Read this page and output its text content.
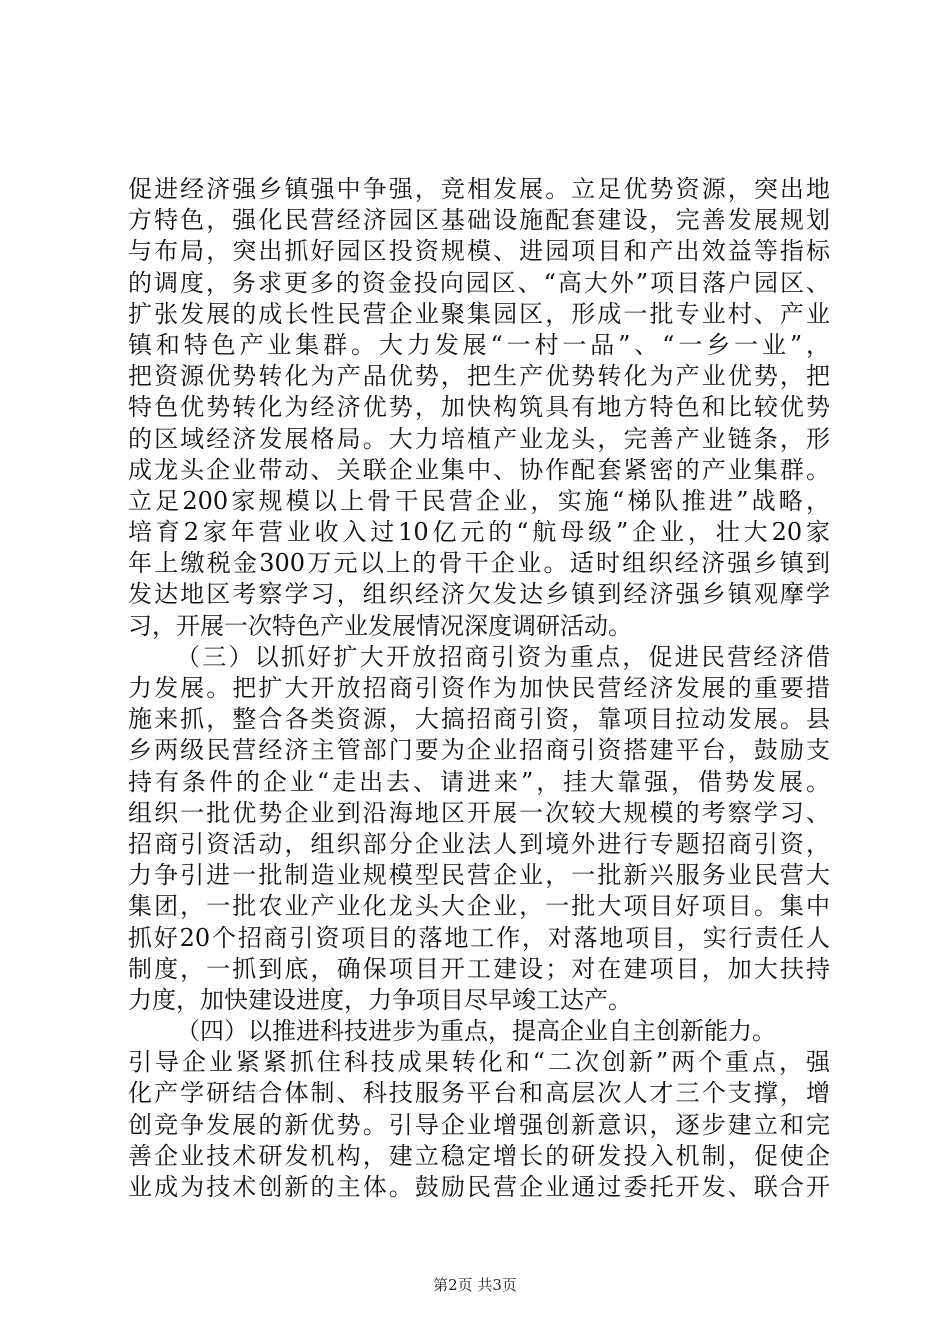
促进经济强乡镇强中争强，竞相发展。立足优势资源，突出地
方特色，强化民营经济园区基础设施配套建设，完善发展规划
与布局，突出抓好园区投资规模、进园项目和产出效益等指标
的调度，务求更多的资金投向园区、“高大外”项目落户园区、
扩张发展的成长性民营企业聚集园区，形成一批专业村、产业
镇和特色产业集群。大力发展“一村一品”、“一乡一业”，
把资源优势转化为产品优势，把生产优势转化为产业优势，把
特色优势转化为经济优势，加快构筑具有地方特色和比较优势
的区域经济发展格局。大力培植产业龙头，完善产业链条，形
成龙头企业带动、关联企业集中、协作配套紧密的产业集群。
立足200家规模以上骨干民营企业，实施“梯队推进”战略，
培育2家年营业收入过10亿元的“航母级”企业，壮大20家
年上缴税金300万元以上的骨干企业。适时组织经济强乡镇到
发达地区考察学习，组织经济欠发达乡镇到经济强乡镇观摩学
习，开展一次特色产业发展情况深度调研活动。
（三）以抓好扩大开放招商引资为重点，促进民营经济借
力发展。把扩大开放招商引资作为加快民营经济发展的重要措
施来抓，整合各类资源，大搞招商引资，靠项目拉动发展。县
乡两级民营经济主管部门要为企业招商引资搭建平台，鼓励支
持有条件的企业“走出去、请进来”，挂大靠强，借势发展。
组织一批优势企业到沿海地区开展一次较大规模的考察学习、
招商引资活动，组织部分企业法人到境外进行专题招商引资，
力争引进一批制造业规模型民营企业，一批新兴服务业民营大
集团，一批农业产业化龙头大企业，一批大项目好项目。集中
抓好20个招商引资项目的落地工作，对落地项目，实行责任人
制度，一抓到底，确保项目开工建设；对在建项目，加大扶持
力度，加快建设进度，力争项目尽早竣工达产。
（四）以推进科技进步为重点，提高企业自主创新能力。
引导企业紧紧抓住科技成果转化和“二次创新”两个重点，强
化产学研结合体制、科技服务平台和高层次人才三个支撑，增
创竞争发展的新优势。引导企业增强创新意识，逐步建立和完
善企业技术研发机构，建立稳定增长的研发投入机制，促使企
业成为技术创新的主体。鼓励民营企业通过委托开发、联合开
第2页 共3页
